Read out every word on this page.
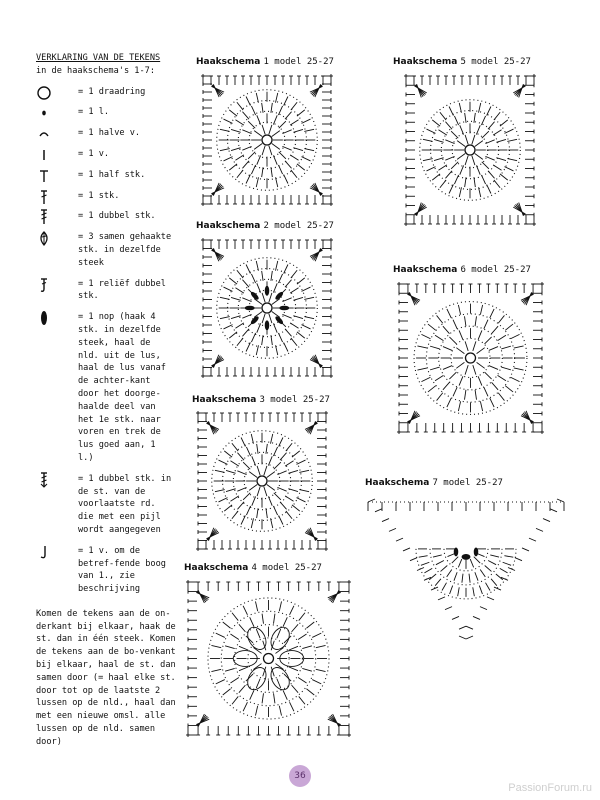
VERKLARING VAN DE TEKENS
in de haakschema's 1-7:
= 1 draadring
= 1 l.
= 1 halve v.
= 1 v.
= 1 half stk.
= 1 stk.
= 1 dubbel stk.
= 3 samen gehaakte stk. in dezelfde steek
= 1 reliëf dubbel stk.
= 1 nop (haak 4 stk. in dezelfde steek, haal de nld. uit de lus, haal de lus vanaf de achter-kant door het doorge-haalde deel van het 1e stk. naar voren en trek de lus goed aan, 1 l.)
= 1 dubbel stk. in de st. van de voorlaatste rd. die met een pijl wordt aangegeven
= 1 v. om de betref-fende boog van 1., zie beschrijving
Komen de tekens aan de on-derkant bij elkaar, haak de st. dan in één steek. Komen de tekens aan de bo-venkant bij elkaar, haal de st. dan samen door (= haal elke st. door tot op de laatste 2 lussen op de nld., haal dan met een nieuwe omsl. alle lussen op de nld. samen door)
Haakschema 1 model 25-27
Haakschema 2 model 25-27
Haakschema 3 model 25-27
Haakschema 4 model 25-27
Haakschema 5 model 25-27
Haakschema 6 model 25-27
Haakschema 7 model 25-27
36
PassionForum.ru
